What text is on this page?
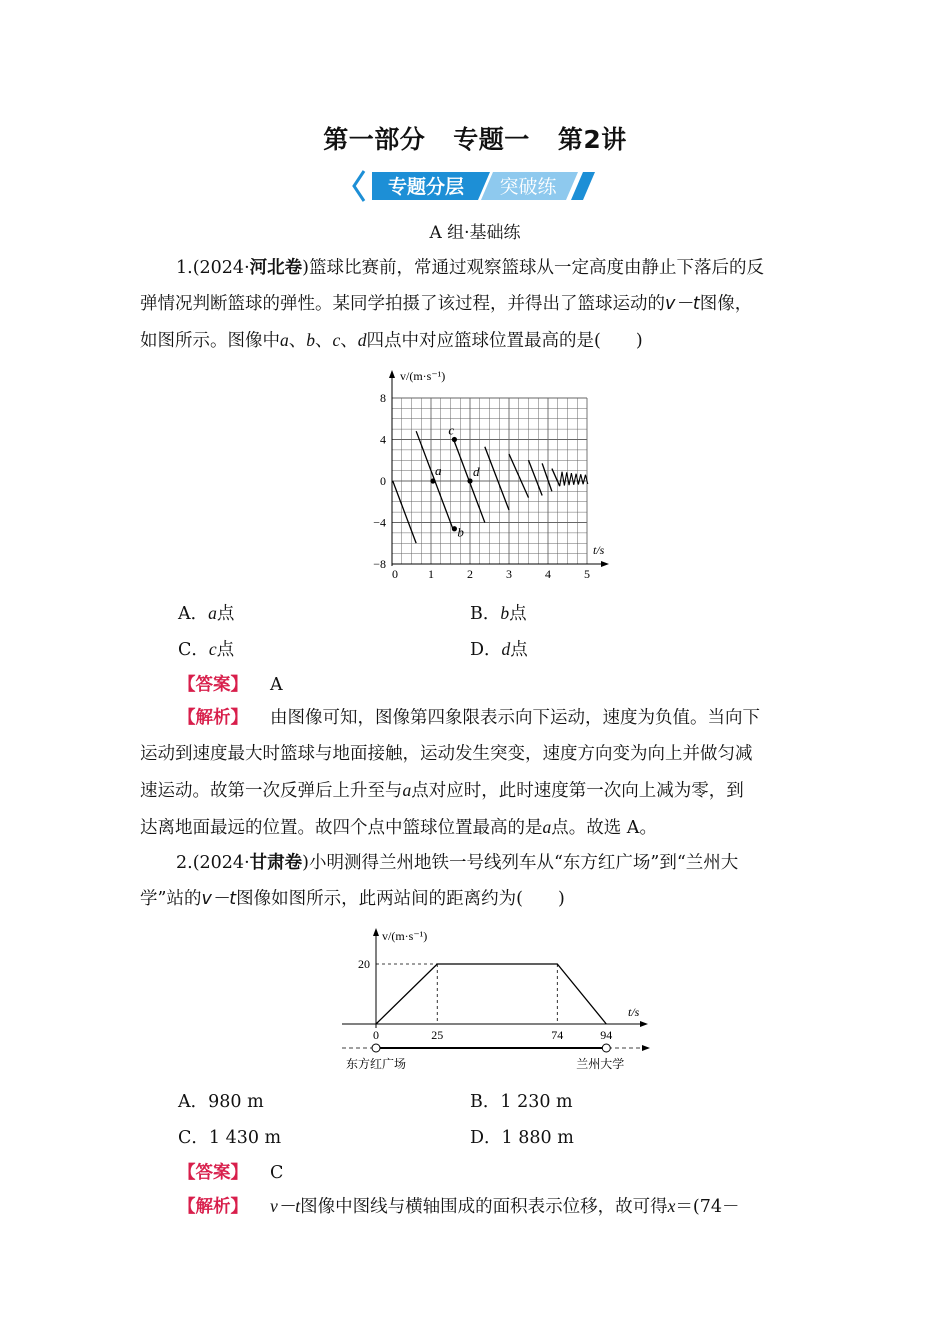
第一部分 专题一 第2讲
专题分层 突破练
A 组·基础练
1.(2024·河北卷)篮球比赛前，常通过观察篮球从一定高度由静止下落后的反
弹情况判断篮球的弹性。某同学拍摄了该过程，并得出了篮球运动的v－t图像，
如图所示。图像中a、b、c、d四点中对应篮球位置最高的是(　　)
v/(m·s⁻¹)
t/s
a
b
c
d
0	1	2	3	4	5
8
4
0
−4
−8
A．a点	B．b点
C．c点	D．d点
【答案】 A
【解析】 由图像可知，图像第四象限表示向下运动，速度为负值。当向下
运动到速度最大时篮球与地面接触，运动发生突变，速度方向变为向上并做匀减
速运动。故第一次反弹后上升至与a点对应时，此时速度第一次向上减为零，到
达离地面最远的位置。故四个点中篮球位置最高的是a点。故选 A。
2.(2024·甘肃卷)小明测得兰州地铁一号线列车从“东方红广场”到“兰州大
学”站的v－t图像如图所示，此两站间的距离约为(　　)
v/(m·s⁻¹)
t/s
0	25	74	94
20
东方红广场	兰州大学
A．980 m	B．1 230 m
C．1 430 m	D．1 880 m
【答案】 C
【解析】 v－t图像中图线与横轴围成的面积表示位移，故可得x＝(74－
